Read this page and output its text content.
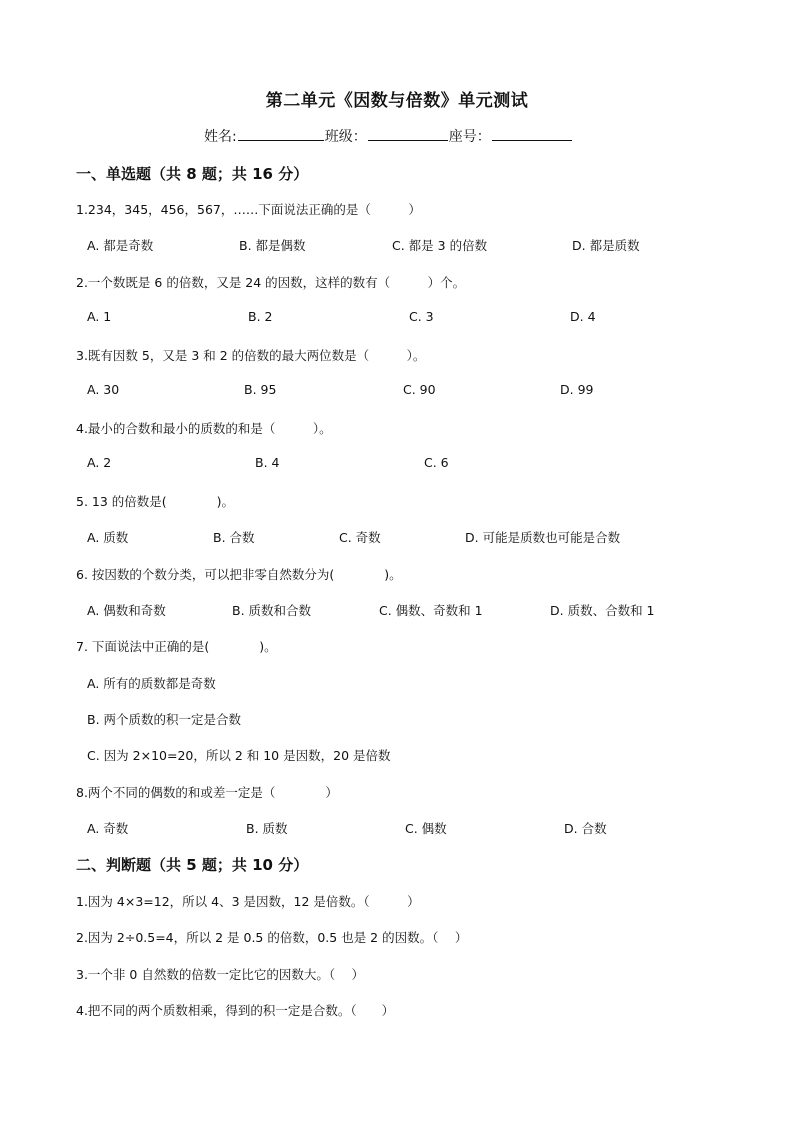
第二单元《因数与倍数》单元测试
姓名:	班级：	座号：
一、单选题（共 8 题；共 16 分）
1.234，345，456，567，……下面说法正确的是（　　　）
A. 都是奇数	B. 都是偶数	C. 都是 3 的倍数	D. 都是质数
2.一个数既是 6 的倍数，又是 24 的因数，这样的数有（　　　）个。
A. 1	B. 2	C. 3	D. 4
3.既有因数 5，又是 3 和 2 的倍数的最大两位数是（　　　）。
A. 30	B. 95	C. 90	D. 99
4.最小的合数和最小的质数的和是（　　　）。
A. 2	B. 4	C. 6
5. 13 的倍数是(　　　　)。
A. 质数	B. 合数	C. 奇数	D. 可能是质数也可能是合数
6. 按因数的个数分类，可以把非零自然数分为(　　　　)。
A. 偶数和奇数	B. 质数和合数	C. 偶数、奇数和 1	D. 质数、合数和 1
7. 下面说法中正确的是(　　　　)。
A. 所有的质数都是奇数
B. 两个质数的积一定是合数
C. 因为 2×10=20，所以 2 和 10 是因数，20 是倍数
8.两个不同的偶数的和或差一定是（　　　　）
A. 奇数	B. 质数	C. 偶数	D. 合数
二、判断题（共 5 题；共 10 分）
1.因为 4×3=12，所以 4、3 是因数，12 是倍数。（　　　）
2.因为 2÷0.5=4，所以 2 是 0.5 的倍数，0.5 也是 2 的因数。（　 ）
3.一个非 0 自然数的倍数一定比它的因数大。（　 ）
4.把不同的两个质数相乘，得到的积一定是合数。（　　）
